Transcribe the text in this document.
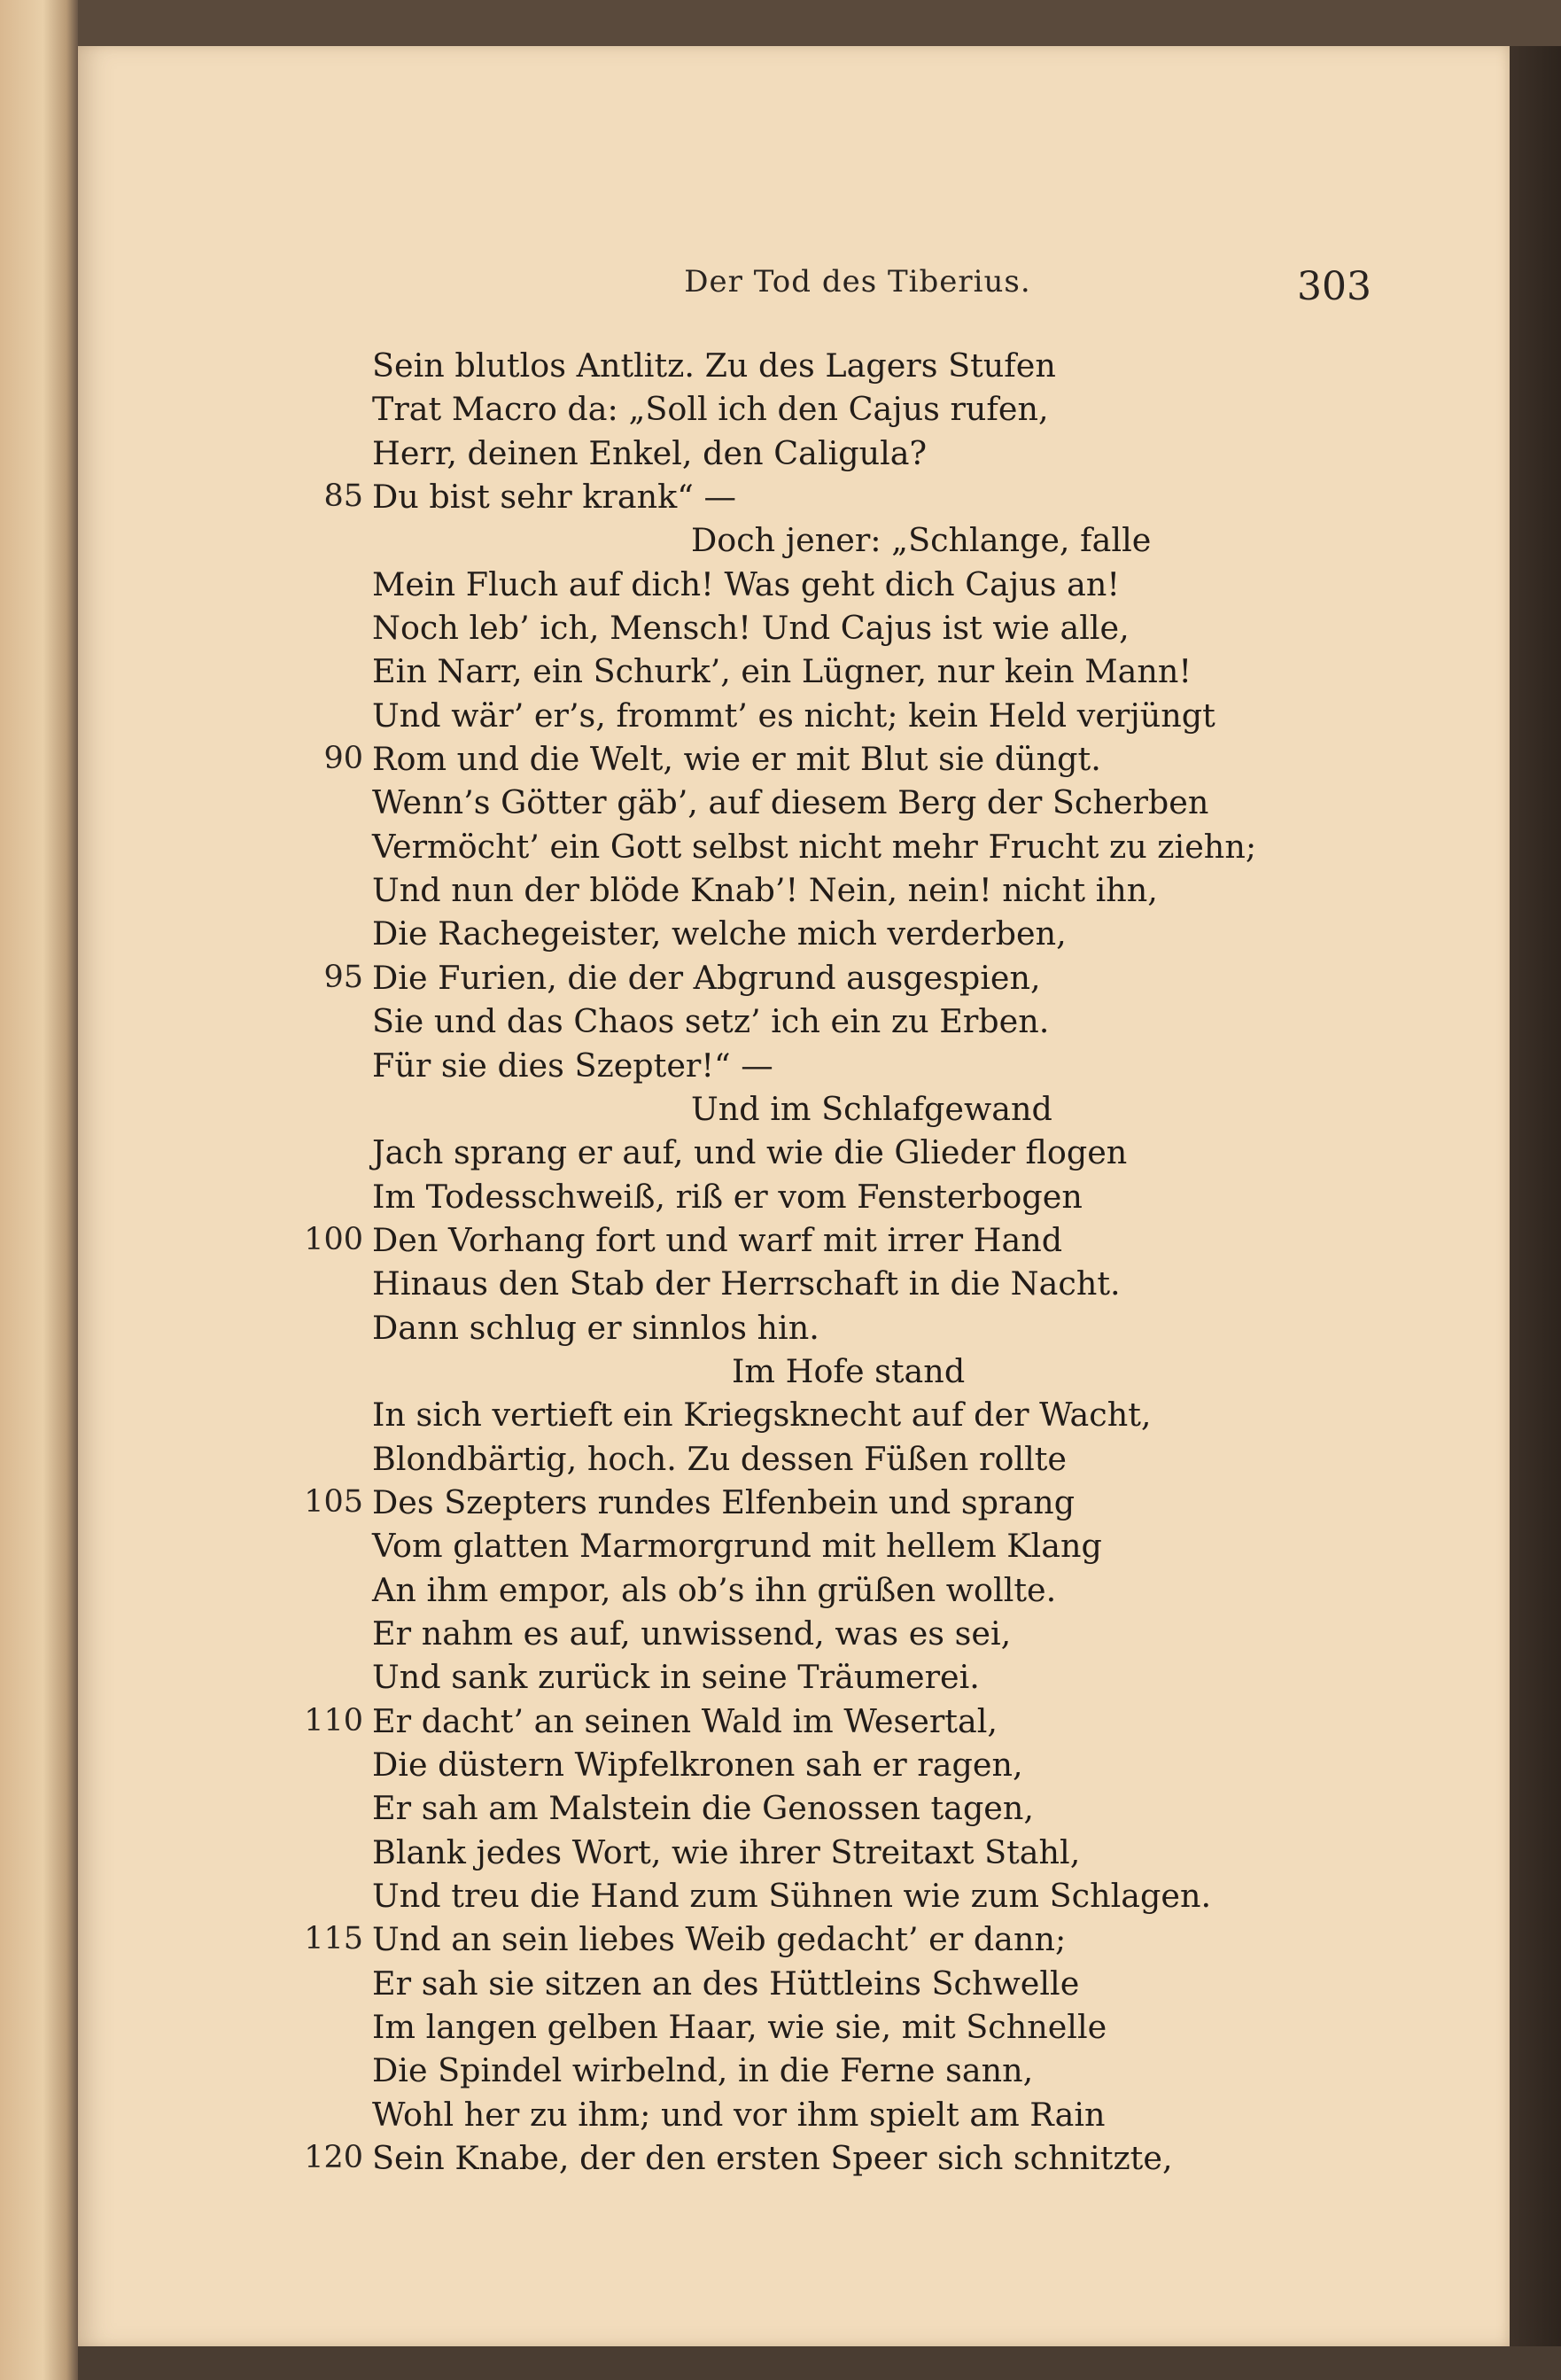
Der Tod des Tiberius.	303
Sein blutlos Antlitz. Zu des Lagers Stufen
Trat Macro da: „Soll ich den Cajus rufen,
Herr, deinen Enkel, den Caligula?
85 Du bist sehr krank“ —
Doch jener: „Schlange, falle
Mein Fluch auf dich! Was geht dich Cajus an!
Noch leb’ ich, Mensch! Und Cajus ist wie alle,
Ein Narr, ein Schurk’, ein Lügner, nur kein Mann!
Und wär’ er’s, frommt’ es nicht; kein Held verjüngt
90 Rom und die Welt, wie er mit Blut sie düngt.
Wenn’s Götter gäb’, auf diesem Berg der Scherben
Vermöcht’ ein Gott selbst nicht mehr Frucht zu ziehn;
Und nun der blöde Knab’! Nein, nein! nicht ihn,
Die Rachegeister, welche mich verderben,
95 Die Furien, die der Abgrund ausgespien,
Sie und das Chaos setz’ ich ein zu Erben.
Für sie dies Szepter!“ —
Und im Schlafgewand
Jach sprang er auf, und wie die Glieder flogen
Im Todesschweiß, riß er vom Fensterbogen
100 Den Vorhang fort und warf mit irrer Hand
Hinaus den Stab der Herrschaft in die Nacht.
Dann schlug er sinnlos hin.
Im Hofe stand
In sich vertieft ein Kriegsknecht auf der Wacht,
Blondbärtig, hoch. Zu dessen Füßen rollte
105 Des Szepters rundes Elfenbein und sprang
Vom glatten Marmorgrund mit hellem Klang
An ihm empor, als ob’s ihn grüßen wollte.
Er nahm es auf, unwissend, was es sei,
Und sank zurück in seine Träumerei.
110 Er dacht’ an seinen Wald im Wesertal,
Die düstern Wipfelkronen sah er ragen,
Er sah am Malstein die Genossen tagen,
Blank jedes Wort, wie ihrer Streitaxt Stahl,
Und treu die Hand zum Sühnen wie zum Schlagen.
115 Und an sein liebes Weib gedacht’ er dann;
Er sah sie sitzen an des Hüttleins Schwelle
Im langen gelben Haar, wie sie, mit Schnelle
Die Spindel wirbelnd, in die Ferne sann,
Wohl her zu ihm; und vor ihm spielt am Rain
120 Sein Knabe, der den ersten Speer sich schnitzte,
